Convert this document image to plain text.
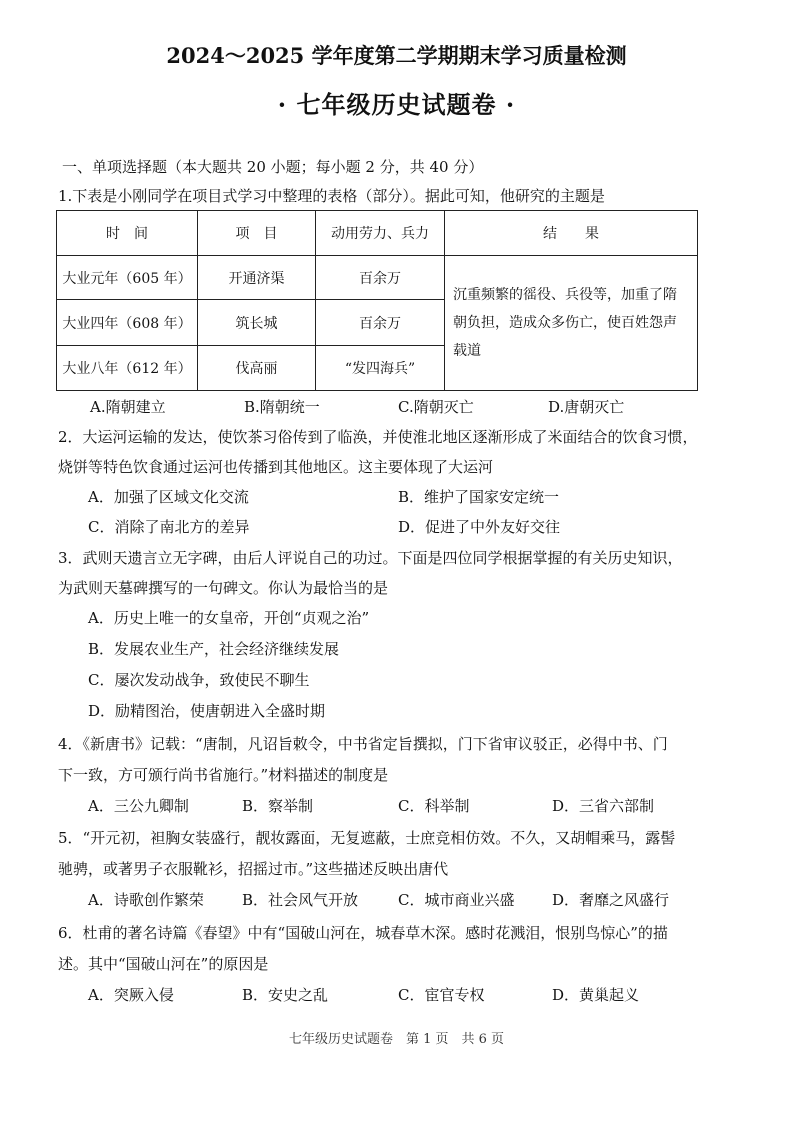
2024～2025 学年度第二学期期末学习质量检测
· 七年级历史试题卷 ·
一、单项选择题（本大题共 20 小题；每小题 2 分，共 40 分）
1.下表是小刚同学在项目式学习中整理的表格（部分）。据此可知，他研究的主题是
时　间	项　目	动用劳力、兵力	结　　果
大业元年（605 年）	开通济渠	百余万	沉重频繁的徭役、兵役等，加重了隋朝负担，造成众多伤亡，使百姓怨声载道
大业四年（608 年）	筑长城	百余万	
大业八年（612 年）	伐高丽	“发四海兵”	
A.隋朝建立	B.隋朝统一	C.隋朝灭亡	D.唐朝灭亡
2．大运河运输的发达，使饮茶习俗传到了临涣，并使淮北地区逐渐形成了米面结合的饮食习惯，
烧饼等特色饮食通过运河也传播到其他地区。这主要体现了大运河
A．加强了区域文化交流	B．维护了国家安定统一
C．消除了南北方的差异	D．促进了中外友好交往
3．武则天遗言立无字碑，由后人评说自己的功过。下面是四位同学根据掌握的有关历史知识，
为武则天墓碑撰写的一句碑文。你认为最恰当的是
A．历史上唯一的女皇帝，开创“贞观之治”
B．发展农业生产，社会经济继续发展
C．屡次发动战争，致使民不聊生
D．励精图治，使唐朝进入全盛时期
4．《新唐书》记载：“唐制，凡诏旨敕令，中书省定旨撰拟，门下省审议驳正，必得中书、门
下一致，方可颁行尚书省施行。”材料描述的制度是
A．三公九卿制	B．察举制	C．科举制	D．三省六部制
5．“开元初，袒胸女装盛行，靓妆露面，无复遮蔽，士庶竞相仿效。不久，又胡帽乘马，露髻
驰骋，或著男子衣服靴衫，招摇过市。”这些描述反映出唐代
A．诗歌创作繁荣	B．社会风气开放	C．城市商业兴盛	D．奢靡之风盛行
6．杜甫的著名诗篇《春望》中有“国破山河在，城春草木深。感时花溅泪，恨别鸟惊心”的描
述。其中“国破山河在”的原因是
A．突厥入侵	B．安史之乱	C．宦官专权	D．黄巢起义
七年级历史试题卷　第 1 页　共 6 页
